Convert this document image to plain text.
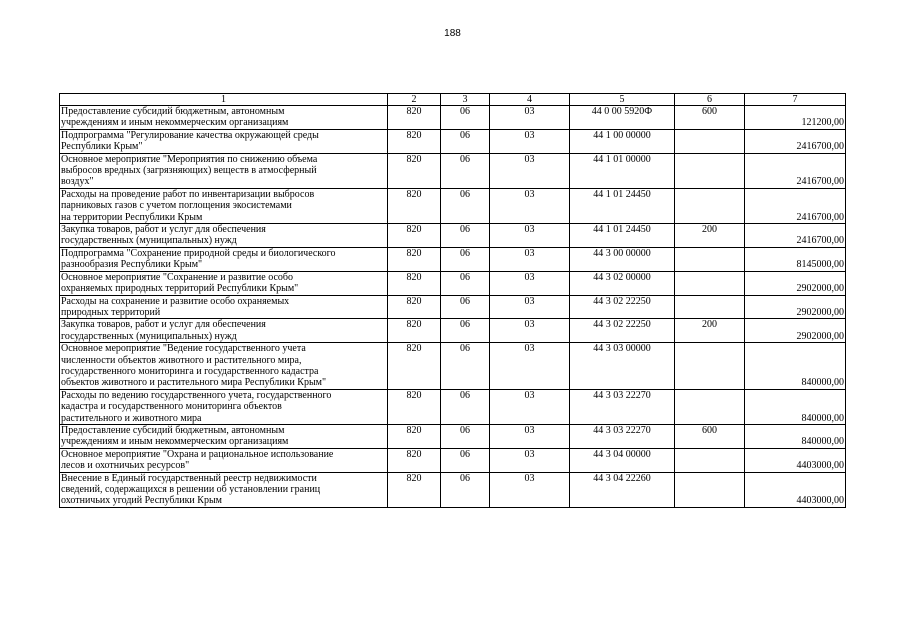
188
1	2	3	4	5	6	7

Предоставление субсидий бюджетным, автономным
учреждениям и иным некоммерческим организациям	820	06	03	44 0 00 5920Ф	600	121200,00

Подпрограмма "Регулирование качества окружающей среды
Республики Крым"	820	06	03	44 1 00 00000		2416700,00

Основное мероприятие "Мероприятия по снижению объема
выбросов вредных (загрязняющих) веществ в атмосферный
воздух"	820	06	03	44 1 01 00000		2416700,00

Расходы на проведение работ по инвентаризации выбросов
парниковых газов с учетом поглощения экосистемами
на территории Республики Крым	820	06	03	44 1 01 24450		2416700,00

Закупка товаров, работ и услуг для обеспечения
государственных (муниципальных) нужд	820	06	03	44 1 01 24450	200	2416700,00

Подпрограмма "Сохранение природной среды и биологического
разнообразия Республики Крым"	820	06	03	44 3 00 00000		8145000,00

Основное мероприятие "Сохранение и развитие особо
охраняемых природных территорий Республики Крым"	820	06	03	44 3 02 00000		2902000,00

Расходы на сохранение и развитие особо охраняемых
природных территорий	820	06	03	44 3 02 22250		2902000,00

Закупка товаров, работ и услуг для обеспечения
государственных (муниципальных) нужд	820	06	03	44 3 02 22250	200	2902000,00

Основное мероприятие "Ведение государственного учета
численности объектов животного и растительного мира,
государственного мониторинга и государственного кадастра
объектов животного и растительного мира Республики Крым"	820	06	03	44 3 03 00000		840000,00

Расходы по ведению государственного учета, государственного
кадастра и государственного мониторинга объектов
растительного и животного мира	820	06	03	44 3 03 22270		840000,00

Предоставление субсидий бюджетным, автономным
учреждениям и иным некоммерческим организациям	820	06	03	44 3 03 22270	600	840000,00

Основное мероприятие "Охрана и рациональное использование
лесов и охотничьих ресурсов"	820	06	03	44 3 04 00000		4403000,00

Внесение в Единый государственный реестр недвижимости
сведений, содержащихся в решении об установлении границ
охотничьих угодий Республики Крым	820	06	03	44 3 04 22260		4403000,00
